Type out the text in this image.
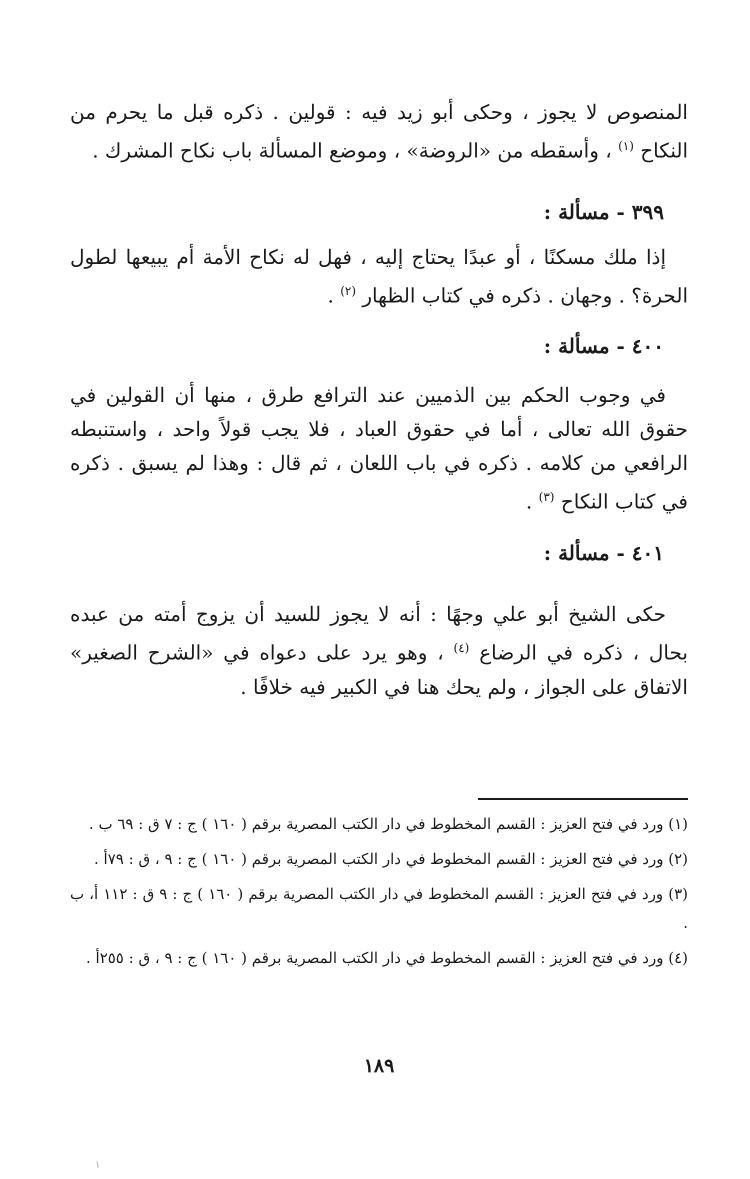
المنصوص لا يجوز ، وحكى أبو زيد فيه : قولين . ذكره قبل ما يحرم من النكاح $^{(١)}$ ، وأسقطه من «الروضة» ، وموضع المسألة باب نكاح المشرك .

٣٩٩ - مسألة :

إذا ملك مسكنًا ، أو عبدًا يحتاج إليه ، فهل له نكاح الأمة أم يبيعها لطول الحرة؟ . وجهان . ذكره في كتاب الظهار $^{(٢)}$ .

٤٠٠ - مسألة :

في وجوب الحكم بين الذميين عند الترافع طرق ، منها أن القولين في حقوق الله تعالى ، أما في حقوق العباد ، فلا يجب قولاً واحد ، واستنبطه الرافعي من كلامه . ذكره في باب اللعان ، ثم قال : وهذا لم يسبق . ذكره في كتاب النكاح $^{(٣)}$ .

٤٠١ - مسألة :

حكى الشيخ أبو علي وجهًا : أنه لا يجوز للسيد أن يزوج أمته من عبده بحال ، ذكره في الرضاع $^{(٤)}$ ، وهو يرد على دعواه في «الشرح الصغير» الاتفاق على الجواز ، ولم يحك هنا في الكبير فيه خلافًا .

(١) ورد في فتح العزيز : القسم المخطوط في دار الكتب المصرية برقم ( ١٦٠ ) ج : ٧ ق : ٦٩ ب .

(٢) ورد في فتح العزيز : القسم المخطوط في دار الكتب المصرية برقم ( ١٦٠ ) ج : ٩ ، ق : ٧٩أ .

(٣) ورد في فتح العزيز : القسم المخطوط في دار الكتب المصرية برقم ( ١٦٠ ) ج : ٩ ق : ١١٢ أ، ب .

(٤) ورد في فتح العزيز : القسم المخطوط في دار الكتب المصرية برقم ( ١٦٠ ) ج : ٩ ، ق : ٢٥٥أ .

١٨٩
١
